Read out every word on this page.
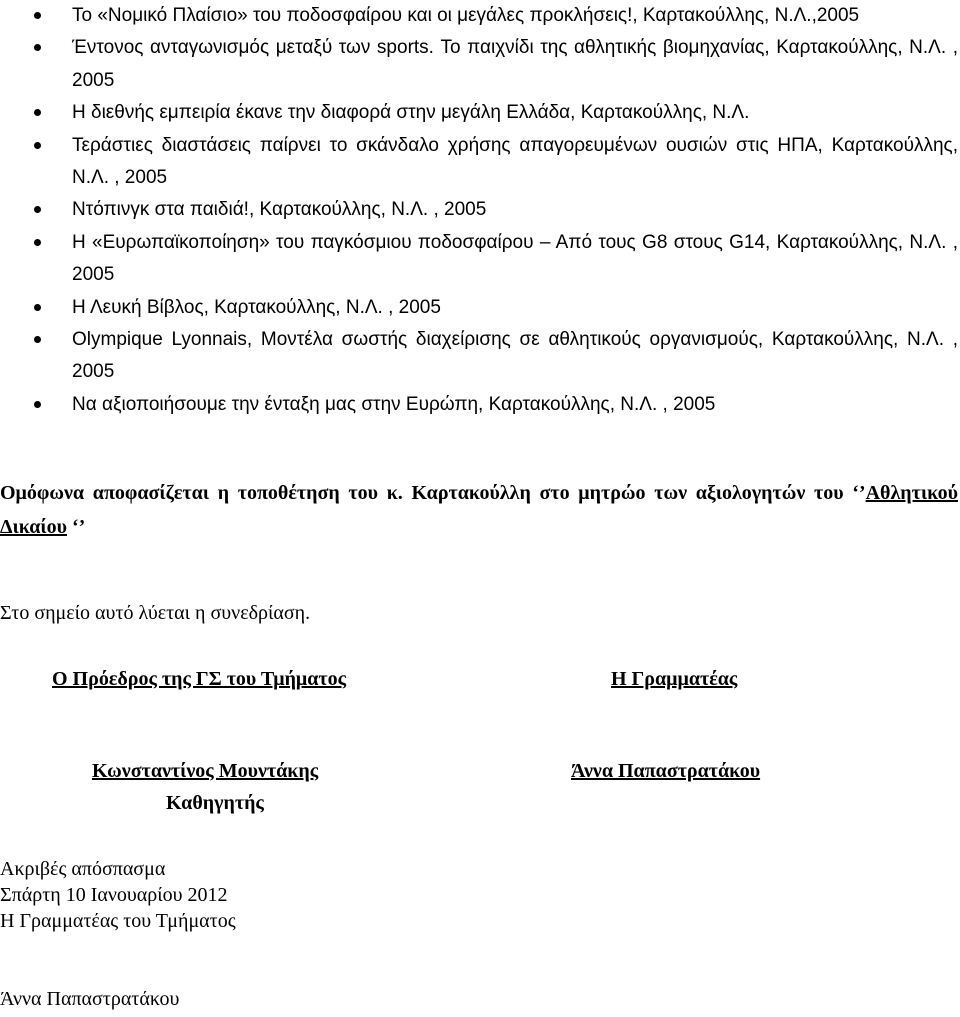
Το «Νομικό Πλαίσιο» του ποδοσφαίρου και οι μεγάλες προκλήσεις!, Καρτακούλλης, Ν.Λ.,2005
Έντονος ανταγωνισμός μεταξύ των sports. Το παιχνίδι της αθλητικής βιομηχανίας, Καρτακούλλης, Ν.Λ. , 2005
Η διεθνής εμπειρία έκανε την διαφορά στην μεγάλη Ελλάδα, Καρτακούλλης, Ν.Λ.
Τεράστιες διαστάσεις παίρνει το σκάνδαλο χρήσης απαγορευμένων ουσιών στις ΗΠΑ, Καρτακούλλης, Ν.Λ. , 2005
Ντόπινγκ στα παιδιά!, Καρτακούλλης, Ν.Λ. , 2005
Η «Ευρωπαϊκοποίηση» του παγκόσμιου ποδοσφαίρου – Από τους G8 στους G14, Καρτακούλλης, Ν.Λ. , 2005
Η Λευκή Βίβλος, Καρτακούλλης, Ν.Λ. , 2005
Olympique Lyonnais, Μοντέλα σωστής διαχείρισης σε αθλητικούς οργανισμούς, Καρτακούλλης, Ν.Λ. , 2005
Να αξιοποιήσουμε την ένταξη μας στην Ευρώπη, Καρτακούλλης, Ν.Λ. , 2005
Ομόφωνα αποφασίζεται η τοποθέτηση του κ. Καρτακούλλη στο μητρώο των αξιολογητών του ‘’Αθλητικού Δικαίου ‘’
Στο σημείο αυτό λύεται η συνεδρίαση.
Ο Πρόεδρος της ΓΣ του Τμήματος	Η Γραμματέας
Κωνσταντίνος Μουντάκης
Καθηγητής
Άννα Παπαστρατάκου
Ακριβές απόσπασμα
Σπάρτη 10 Ιανουαρίου 2012
Η Γραμματέας του Τμήματος
Άννα Παπαστρατάκου
